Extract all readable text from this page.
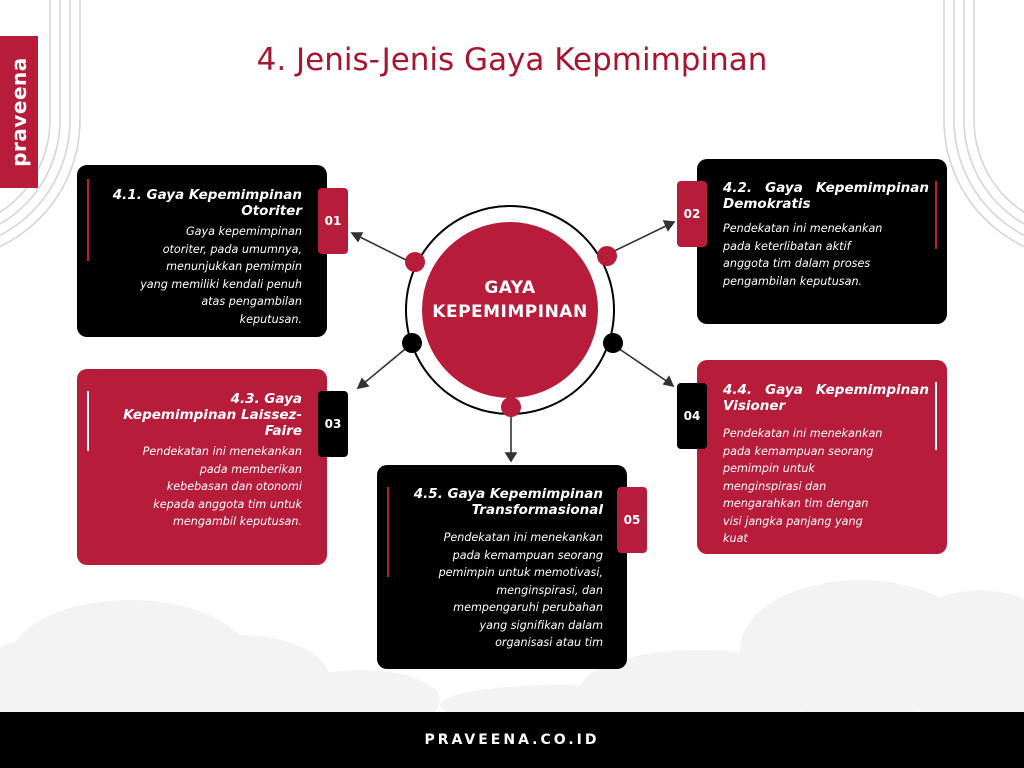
praveena	4. Jenis-Jenis Gaya Kepmimpinan
GAYA
KEPEMIMPINAN
4.1. Gaya Kepemimpinan
Otoriter
Gaya kepemimpinan
otoriter, pada umumnya,
menunjukkan pemimpin
yang memiliki kendali penuh
atas pengambilan
keputusan.
01
4.2. Gaya Kepemimpinan
Demokratis
Pendekatan ini menekankan
pada keterlibatan aktif
anggota tim dalam proses
pengambilan keputusan.
02
4.3. Gaya
Kepemimpinan Laissez-
Faire
Pendekatan ini menekankan
pada memberikan
kebebasan dan otonomi
kepada anggota tim untuk
mengambil keputusan.
03
4.4. Gaya Kepemimpinan
Visioner
Pendekatan ini menekankan
pada kemampuan seorang
pemimpin untuk
menginspirasi dan
mengarahkan tim dengan
visi jangka panjang yang
kuat
04
4.5. Gaya Kepemimpinan
Transformasional
Pendekatan ini menekankan
pada kemampuan seorang
pemimpin untuk memotivasi,
menginspirasi, dan
mempengaruhi perubahan
yang signifikan dalam
organisasi atau tim
05
PRAVEENA.CO.ID
